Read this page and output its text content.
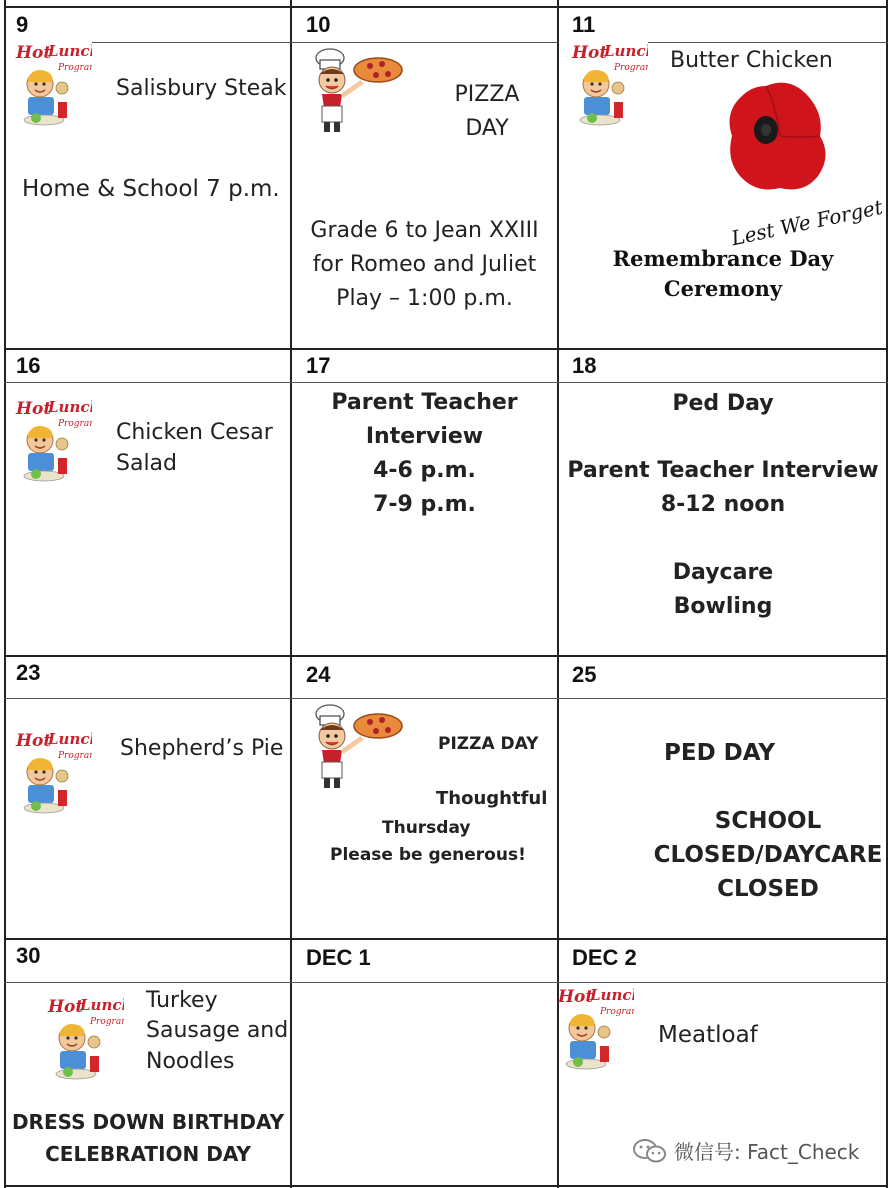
9
Salisbury Steak
Home & School 7 p.m.
10
PIZZA
DAY
Grade 6 to Jean XXIII
for Romeo and Juliet
Play – 1:00 p.m.
11
Butter Chicken
Lest We Forget
Remembrance Day
Ceremony
16
Chicken Cesar
Salad
17
Parent Teacher
Interview
4-6 p.m.
7-9 p.m.
18
Ped Day
Parent Teacher Interview
8-12 noon
Daycare
Bowling
23
Shepherd’s Pie
24
PIZZA DAY
Thoughtful
Thursday
Please be generous!
25
PED DAY
SCHOOL
CLOSED/DAYCARE
CLOSED
30
Turkey
Sausage and
Noodles
DRESS DOWN BIRTHDAY
CELEBRATION DAY
DEC 1	DEC 2
Meatloaf
微信号: Fact_Check
